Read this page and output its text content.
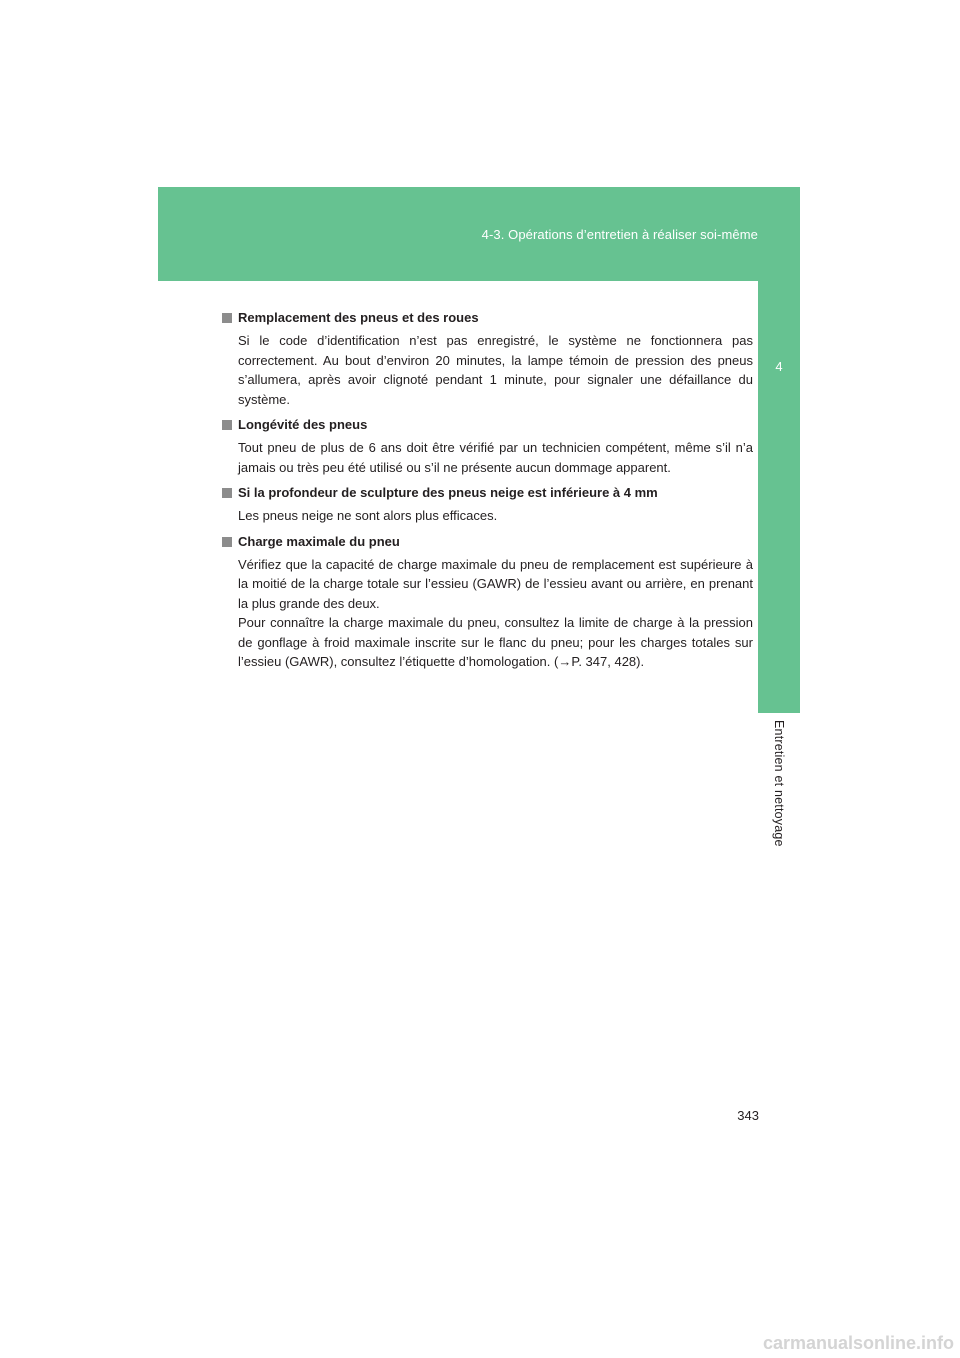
4-3. Opérations d’entretien à réaliser soi-même
4
Entretien et nettoyage
Remplacement des pneus et des roues

Si le code d’identification n’est pas enregistré, le système ne fonctionnera pas correctement. Au bout d’environ 20 minutes, la lampe témoin de pression des pneus s’allumera, après avoir clignoté pendant 1 minute, pour signaler une défaillance du système.

Longévité des pneus

Tout pneu de plus de 6 ans doit être vérifié par un technicien compétent, même s’il n’a jamais ou très peu été utilisé ou s’il ne présente aucun dommage apparent.

Si la profondeur de sculpture des pneus neige est inférieure à 4 mm

Les pneus neige ne sont alors plus efficaces.

Charge maximale du pneu

Vérifiez que la capacité de charge maximale du pneu de remplacement est supérieure à la moitié de la charge totale sur l’essieu (GAWR) de l’essieu avant ou arrière, en prenant la plus grande des deux.

Pour connaître la charge maximale du pneu, consultez la limite de charge à la pression de gonflage à froid maximale inscrite sur le flanc du pneu; pour les charges totales sur l’essieu (GAWR), consultez l’étiquette d’homologation. (→P. 347, 428).

343
carmanualsonline.info
